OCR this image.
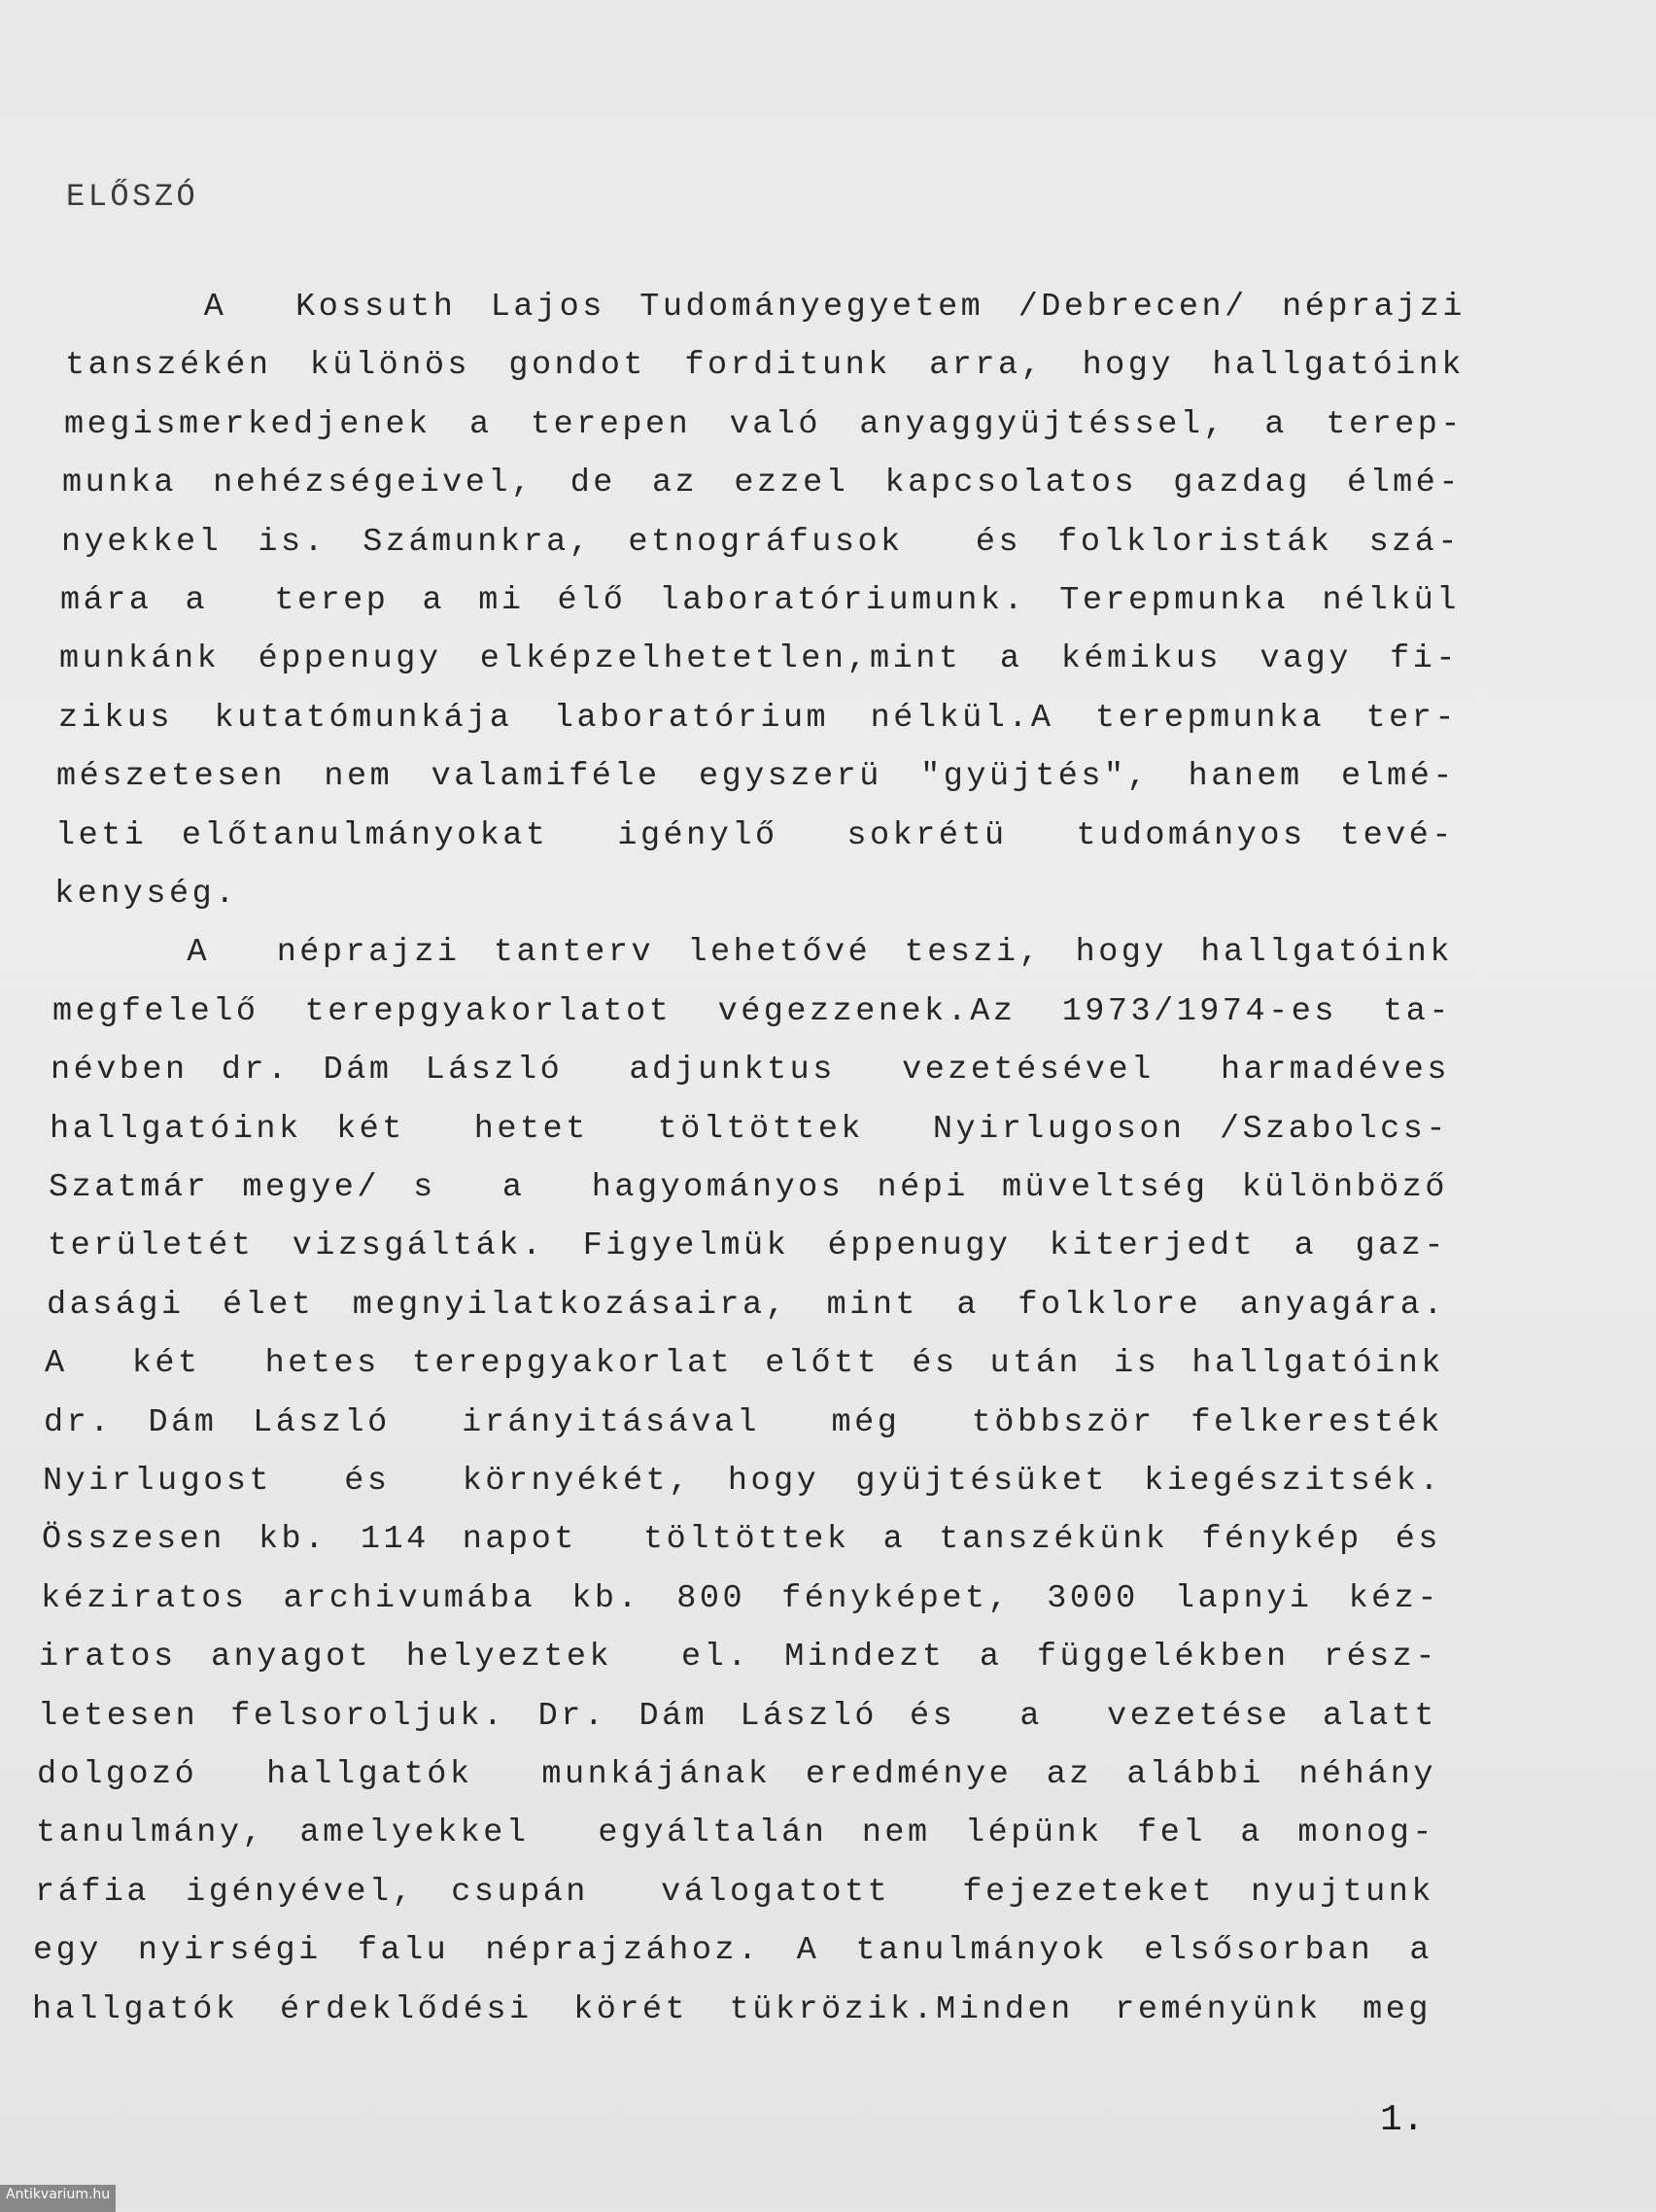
ELŐSZÓ
A  Kossuth Lajos Tudományegyetem /Debrecen/ néprajzi
tanszékén különös gondot forditunk arra, hogy hallgatóink
megismerkedjenek a terepen való anyaggyüjtéssel, a terep-
munka nehézségeivel, de az ezzel kapcsolatos gazdag élmé-
nyekkel is. Számunkra, etnográfusok  és folkloristák szá-
mára a  terep a mi élő laboratóriumunk. Terepmunka nélkül
munkánk éppenugy elképzelhetetlen,mint a kémikus vagy fi-
zikus kutatómunkája laboratórium nélkül.A terepmunka ter-
mészetesen nem valamiféle egyszerü "gyüjtés", hanem elmé-
leti előtanulmányokat  igénylő  sokrétü  tudományos tevé-
kenység.
A  néprajzi tanterv lehetővé teszi, hogy hallgatóink
megfelelő terepgyakorlatot végezzenek.Az 1973/1974-es ta-
névben dr. Dám László  adjunktus  vezetésével  harmadéves
hallgatóink két  hetet  töltöttek  Nyirlugoson /Szabolcs-
Szatmár megye/ s  a  hagyományos népi müveltség különböző
területét vizsgálták. Figyelmük éppenugy kiterjedt a gaz-
dasági élet megnyilatkozásaira, mint a folklore anyagára.
A  két  hetes terepgyakorlat előtt és után is hallgatóink
dr. Dám László  irányitásával  még  többször felkeresték
Nyirlugost  és  környékét, hogy gyüjtésüket kiegészitsék.
Összesen kb. 114 napot  töltöttek a tanszékünk fénykép és
kéziratos archivumába kb. 800 fényképet, 3000 lapnyi kéz-
iratos anyagot helyeztek  el. Mindezt a függelékben rész-
letesen felsoroljuk. Dr. Dám László és  a  vezetése alatt
dolgozó  hallgatók  munkájának eredménye az alábbi néhány
tanulmány, amelyekkel  egyáltalán nem lépünk fel a monog-
ráfia igényével, csupán  válogatott  fejezeteket nyujtunk
egy nyirségi falu néprajzához. A tanulmányok elsősorban a
hallgatók érdeklődési körét tükrözik.Minden reményünk meg
1.
Antikvarium.hu
